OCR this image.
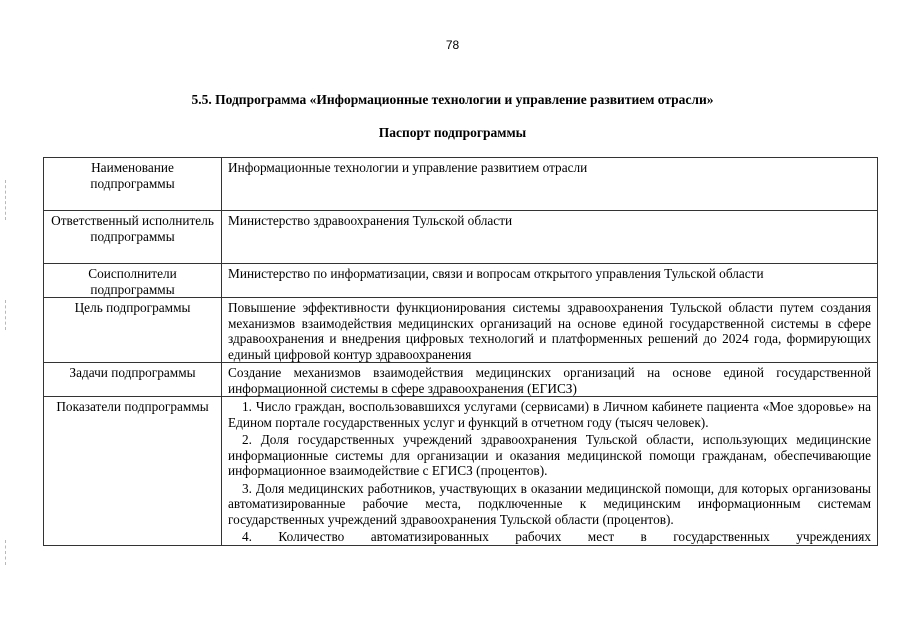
78
5.5. Подпрограмма «Информационные технологии и управление развитием отрасли»
Паспорт подпрограммы
Наименование подпрограммы	Информационные технологии и управление развитием отрасли
Ответственный исполнитель подпрограммы	Министерство здравоохранения Тульской области
Соисполнители подпрограммы	Министерство по информатизации, связи и вопросам открытого управления Тульской области
Цель подпрограммы	Повышение эффективности функционирования системы здравоохранения Тульской области путем создания механизмов взаимодействия медицинских организаций на основе единой государственной системы в сфере здравоохранения и внедрения цифровых технологий и платформенных решений до 2024 года, формирующих единый цифровой контур здравоохранения
Задачи подпрограммы	Создание механизмов взаимодействия медицинских организаций на основе единой государственной информационной системы в сфере здравоохранения (ЕГИСЗ)
Показатели подпрограммы	1. Число граждан, воспользовавшихся услугами (сервисами) в Личном кабинете пациента «Мое здоровье» на Едином портале государственных услуг и функций в отчетном году (тысяч человек).

2. Доля государственных учреждений здравоохранения Тульской области, использующих медицинские информационные системы для организации и оказания медицинской помощи гражданам, обеспечивающие информационное взаимодействие с ЕГИСЗ (процентов).

3. Доля медицинских работников, участвующих в оказании медицинской помощи, для которых организованы автоматизированные рабочие места, подключенные к медицинским информационным системам государственных учреждений здравоохранения Тульской области (процентов).

4. Количество автоматизированных рабочих мест в государственных учреждениях
